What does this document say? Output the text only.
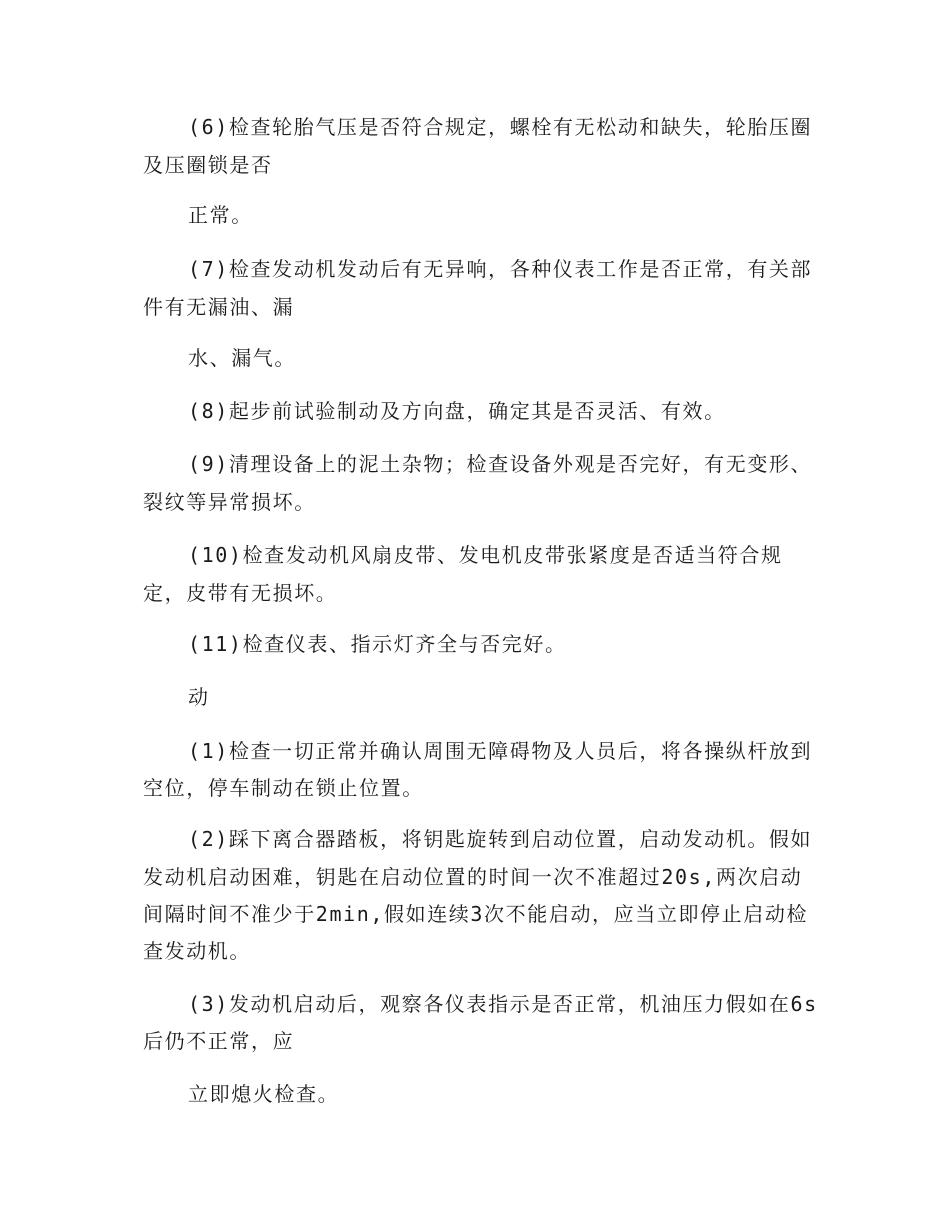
(6)检查轮胎气压是否符合规定，螺栓有无松动和缺失，轮胎压圈
及压圈锁是否
正常。
(7)检查发动机发动后有无异响，各种仪表工作是否正常，有关部
件有无漏油、漏
水、漏气。
(8)起步前试验制动及方向盘，确定其是否灵活、有效。
(9)清理设备上的泥土杂物；检查设备外观是否完好，有无变形、
裂纹等异常损坏。
(10)检查发动机风扇皮带、发电机皮带张紧度是否适当符合规
定，皮带有无损坏。
(11)检查仪表、指示灯齐全与否完好。
动
(1)检查一切正常并确认周围无障碍物及人员后，将各操纵杆放到
空位，停车制动在锁止位置。
(2)踩下离合器踏板，将钥匙旋转到启动位置，启动发动机。假如
发动机启动困难，钥匙在启动位置的时间一次不准超过20s,两次启动
间隔时间不准少于2min,假如连续3次不能启动，应当立即停止启动检
查发动机。
(3)发动机启动后，观察各仪表指示是否正常，机油压力假如在6s
后仍不正常，应
立即熄火检查。
